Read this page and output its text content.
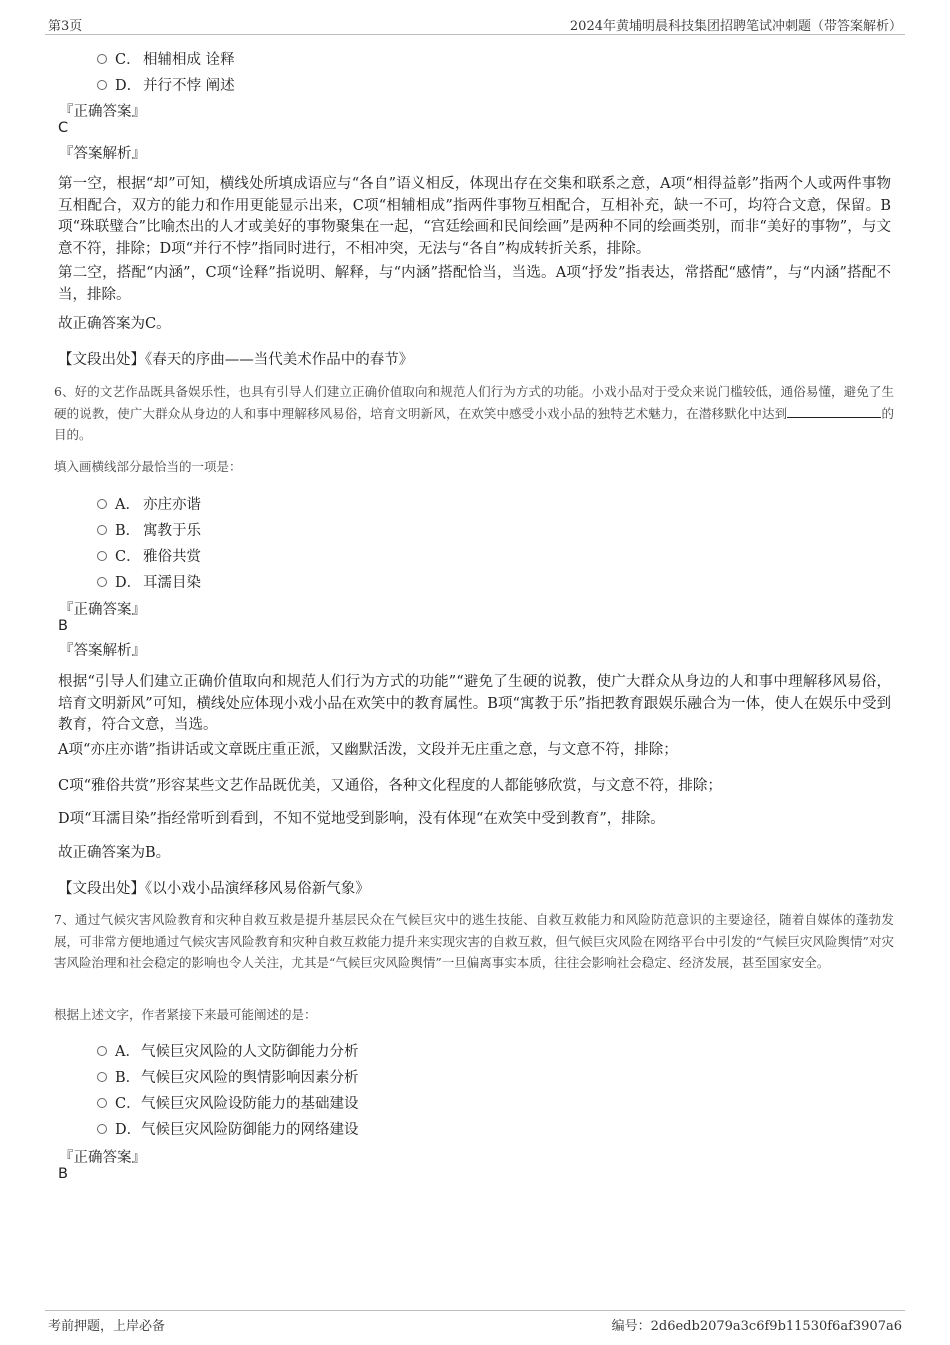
第3页	2024年黄埔明晨科技集团招聘笔试冲刺题（带答案解析）
C． 相辅相成 诠释
D． 并行不悖 阐述
『正确答案』
C
『答案解析』
第一空，根据“却”可知，横线处所填成语应与“各自”语义相反，体现出存在交集和联系之意，A项“相得益彰”指两个人或两件事物互相配合，双方的能力和作用更能显示出来，C项“相辅相成”指两件事物互相配合，互相补充，缺一不可，均符合文意，保留。B项“珠联璧合”比喻杰出的人才或美好的事物聚集在一起，“宫廷绘画和民间绘画”是两种不同的绘画类别，而非“美好的事物”，与文意不符，排除；D项“并行不悖”指同时进行，不相冲突，无法与“各自”构成转折关系，排除。
第二空，搭配“内涵”，C项“诠释”指说明、解释，与“内涵”搭配恰当，当选。A项“抒发”指表达，常搭配“感情”，与“内涵”搭配不当，排除。
故正确答案为C。
【文段出处】《春天的序曲——当代美术作品中的春节》
6、好的文艺作品既具备娱乐性，也具有引导人们建立正确价值取向和规范人们行为方式的功能。小戏小品对于受众来说门槛较低，通俗易懂，避免了生硬的说教，使广大群众从身边的人和事中理解移风易俗，培育文明新风，在欢笑中感受小戏小品的独特艺术魅力，在潜移默化中达到	的目的。
填入画横线部分最恰当的一项是：
A． 亦庄亦谐
B． 寓教于乐
C． 雅俗共赏
D． 耳濡目染
『正确答案』
B
『答案解析』
根据“引导人们建立正确价值取向和规范人们行为方式的功能”“避免了生硬的说教，使广大群众从身边的人和事中理解移风易俗，培育文明新风”可知，横线处应体现小戏小品在欢笑中的教育属性。B项“寓教于乐”指把教育跟娱乐融合为一体，使人在娱乐中受到教育，符合文意，当选。
A项“亦庄亦谐”指讲话或文章既庄重正派，又幽默活泼，文段并无庄重之意，与文意不符，排除；
C项“雅俗共赏”形容某些文艺作品既优美，又通俗，各种文化程度的人都能够欣赏，与文意不符，排除；
D项“耳濡目染”指经常听到看到，不知不觉地受到影响，没有体现“在欢笑中受到教育”，排除。
故正确答案为B。
【文段出处】《以小戏小品演绎移风易俗新气象》
7、通过气候灾害风险教育和灾种自救互救是提升基层民众在气候巨灾中的逃生技能、自救互救能力和风险防范意识的主要途径，随着自媒体的蓬勃发展，可非常方便地通过气候灾害风险教育和灾种自救互救能力提升来实现灾害的自救互救，但气候巨灾风险在网络平台中引发的“气候巨灾风险舆情”对灾害风险治理和社会稳定的影响也令人关注，尤其是“气候巨灾风险舆情”一旦偏离事实本质，往往会影响社会稳定、经济发展，甚至国家安全。
根据上述文字，作者紧接下来最可能阐述的是：
A．气候巨灾风险的人文防御能力分析
B．气候巨灾风险的舆情影响因素分析
C．气候巨灾风险设防能力的基础建设
D．气候巨灾风险防御能力的网络建设
『正确答案』
B
考前押题，上岸必备	编号：2d6edb2079a3c6f9b11530f6af3907a6
